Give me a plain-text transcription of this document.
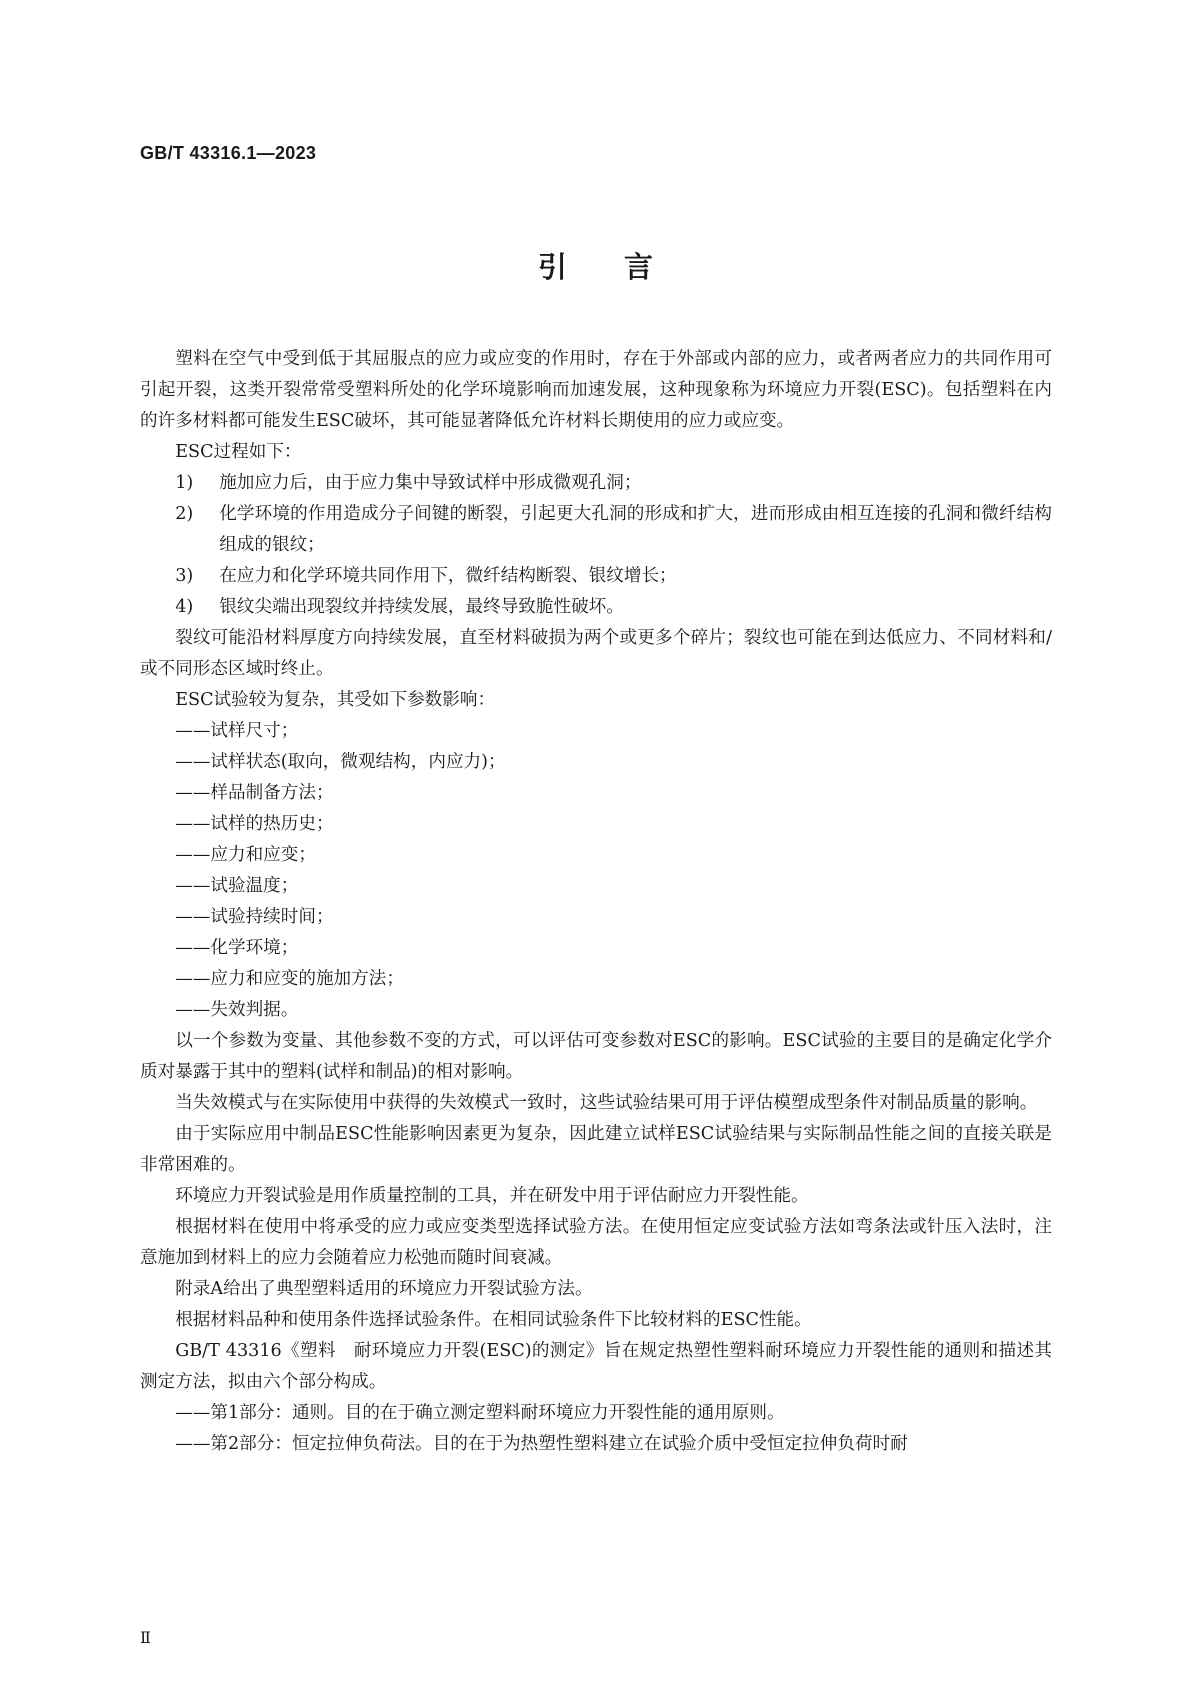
GB/T 43316.1—2023
引言

塑料在空气中受到低于其屈服点的应力或应变的作用时，存在于外部或内部的应力，或者两者应力的共同作用可引起开裂，这类开裂常常受塑料所处的化学环境影响而加速发展，这种现象称为环境应力开裂(ESC)。包括塑料在内的许多材料都可能发生ESC破坏，其可能显著降低允许材料长期使用的应力或应变。

ESC过程如下：

1)	施加应力后，由于应力集中导致试样中形成微观孔洞；
2)	化学环境的作用造成分子间键的断裂，引起更大孔洞的形成和扩大，进而形成由相互连接的孔洞和微纤结构组成的银纹；
3)	在应力和化学环境共同作用下，微纤结构断裂、银纹增长；
4)	银纹尖端出现裂纹并持续发展，最终导致脆性破坏。

裂纹可能沿材料厚度方向持续发展，直至材料破损为两个或更多个碎片；裂纹也可能在到达低应力、不同材料和/或不同形态区域时终止。

ESC试验较为复杂，其受如下参数影响：

——试样尺寸；
——试样状态(取向，微观结构，内应力)；
——样品制备方法；
——试样的热历史；
——应力和应变；
——试验温度；
——试验持续时间；
——化学环境；
——应力和应变的施加方法；
——失效判据。

以一个参数为变量、其他参数不变的方式，可以评估可变参数对ESC的影响。ESC试验的主要目的是确定化学介质对暴露于其中的塑料(试样和制品)的相对影响。

当失效模式与在实际使用中获得的失效模式一致时，这些试验结果可用于评估模塑成型条件对制品质量的影响。

由于实际应用中制品ESC性能影响因素更为复杂，因此建立试样ESC试验结果与实际制品性能之间的直接关联是非常困难的。

环境应力开裂试验是用作质量控制的工具，并在研发中用于评估耐应力开裂性能。

根据材料在使用中将承受的应力或应变类型选择试验方法。在使用恒定应变试验方法如弯条法或针压入法时，注意施加到材料上的应力会随着应力松弛而随时间衰减。

附录A给出了典型塑料适用的环境应力开裂试验方法。

根据材料品种和使用条件选择试验条件。在相同试验条件下比较材料的ESC性能。

GB/T 43316《塑料　耐环境应力开裂(ESC)的测定》旨在规定热塑性塑料耐环境应力开裂性能的通则和描述其测定方法，拟由六个部分构成。

——第1部分：通则。目的在于确立测定塑料耐环境应力开裂性能的通用原则。
——第2部分：恒定拉伸负荷法。目的在于为热塑性塑料建立在试验介质中受恒定拉伸负荷时耐
Ⅱ
